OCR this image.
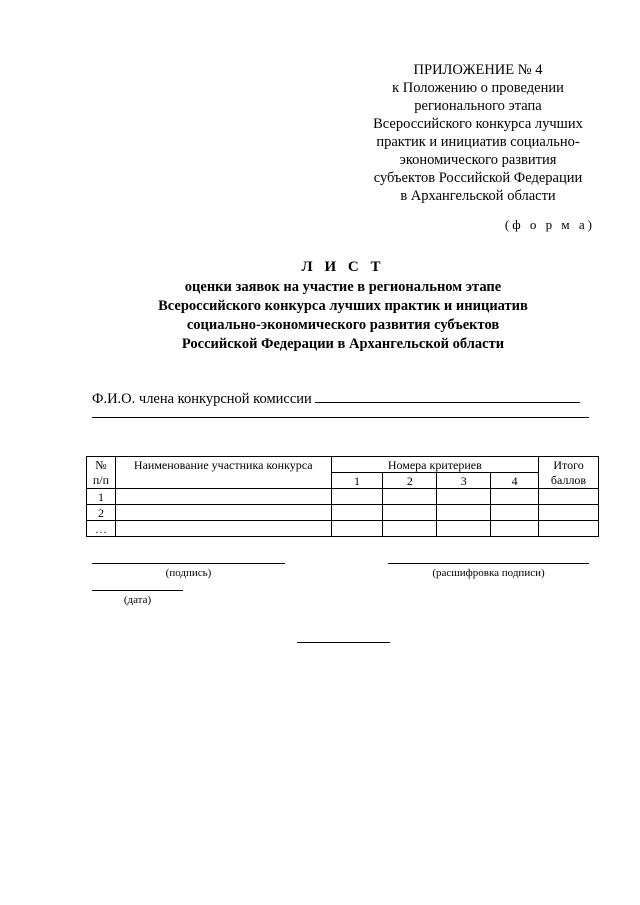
ПРИЛОЖЕНИЕ № 4
к Положению о проведении
регионального этапа
Всероссийского конкурса лучших
практик и инициатив социально-
экономического развития
субъектов Российской Федерации
в Архангельской области
(ф о р м а)
Л И С Т
оценки заявок на участие в региональном этапе
Всероссийского конкурса лучших практик и инициатив
социально-экономического развития субъектов
Российской Федерации в Архангельской области
Ф.И.О. члена конкурсной комиссии
№	Наименование участника конкурса	Номера критериев				Итого
п/п		1	2	3	4	баллов
1						
2						
…						
(подпись)	(расшифровка подписи)
(дата)
